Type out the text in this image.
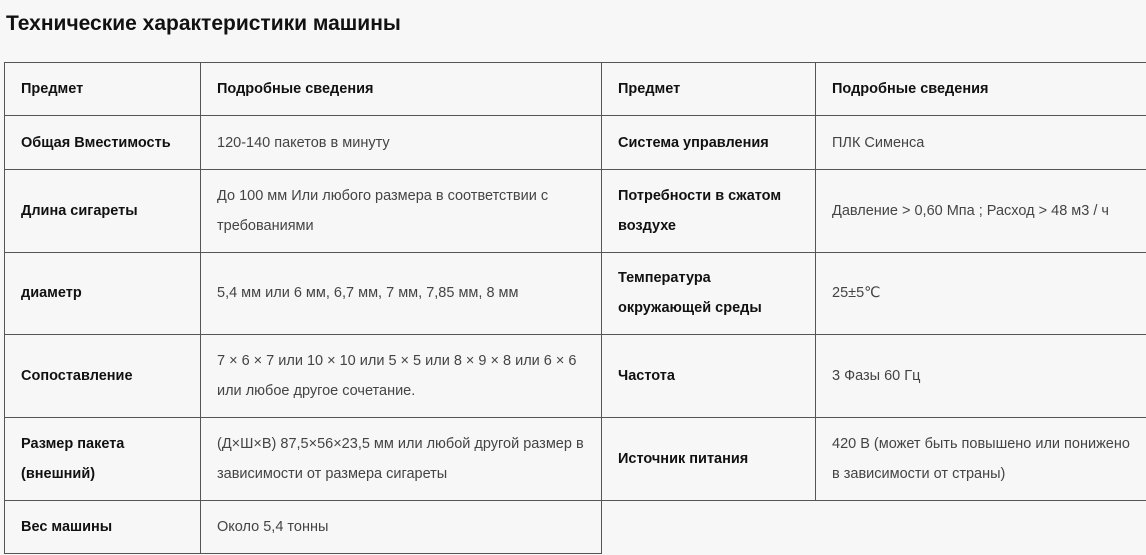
Технические характеристики машины
Предмет	Подробные сведения	Предмет	Подробные сведения
Общая Вместимость	120-140 пакетов в минуту	Система управления	ПЛК Сименса
Длина сигареты	До 100 мм Или любого размера в соответствии с требованиями	Потребности в сжатом воздухе	Давление > 0,60 Мпа ; Расход > 48 м3 / ч
диаметр	5,4 мм или 6 мм, 6,7 мм, 7 мм, 7,85 мм, 8 мм	Температура окружающей среды	25±5℃
Сопоставление	7 × 6 × 7 или 10 × 10 или 5 × 5 или 8 × 9 × 8 или 6 × 6 или любое другое сочетание.	Частота	3 Фазы 60 Гц
Размер пакета (внешний)	(Д×Ш×В) 87,5×56×23,5 мм или любой другой размер в зависимости от размера сигареты	Источник питания	420 В (может быть повышено или понижено в зависимости от страны)
Вес машины	Около 5,4 тонны		
